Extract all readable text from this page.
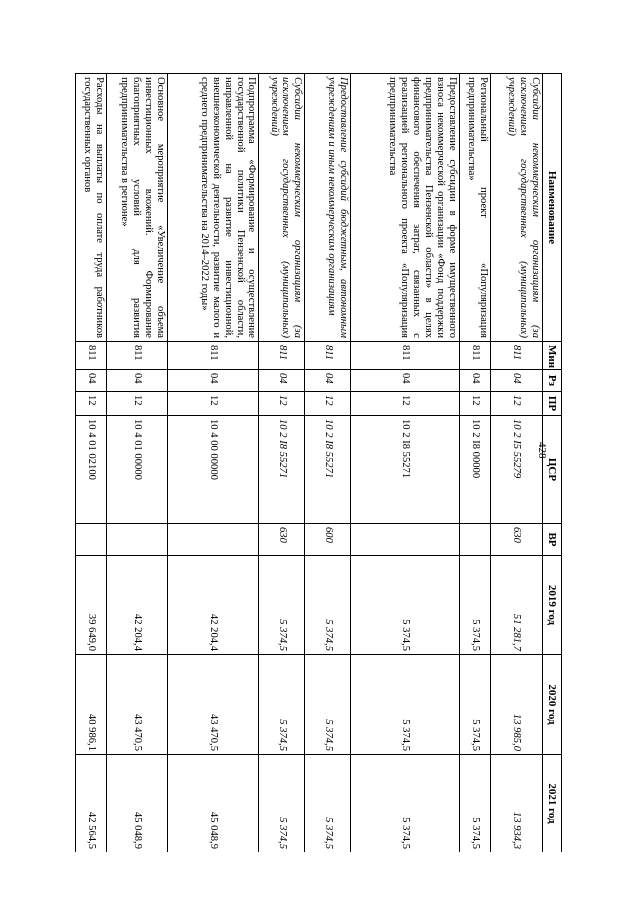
428
Наименование	Мин	Рз	ПР	ЦСР	ВР	2019 год	2020 год	2021 год
Субсидии некоммерческим организациям (за исключением государственных (муниципальных) учреждений)	811	04	12	10 2 I5 55279	630	51 281,7	13 985,0	13 934,3
Региональный проект «Популяризация предпринимательства»	811	04	12	10 2 I8 00000		5 374,5	5 374,5	5 374,5
Предоставление субсидии в форме имущественного взноса некоммерческой организации «Фонд поддержки предпринимательства Пензенской области» в целях финансового обеспечения затрат, связанных с реализацией регионального проекта «Популяризация предпринимательства	811	04	12	10 2 I8 55271		5 374,5	5 374,5	5 374,5
Предоставление субсидий бюджетным, автономным учреждениям и иным некоммерческим организациям	811	04	12	10 2 I8 55271	600	5 374,5	5 374,5	5 374,5
Субсидии некоммерческим организациям (за исключением государственных (муниципальных) учреждений)	811	04	12	10 2 I8 55271	630	5 374,5	5 374,5	5 374,5
Подпрограмма «Формирование и осуществление государственной политики Пензенской области, направленной на развитие инвестиционной, внешнеэкономической деятельности, развитие малого и среднего предпринимательства на 2014–2022 годы»	811	04	12	10 4 00 00000		42 204,4	43 470,5	45 048,9
Основное мероприятие «Увеличение объема инвестиционных вложений. Формирование благоприятных условий для развития предпринимательства в регионе»	811	04	12	10 4 01 00000		42 204,4	43 470,5	45 048,9
Расходы на выплаты по оплате труда работников государственных органов	811	04	12	10 4 01 02100		39 649,0	40 986,1	42 564,5
